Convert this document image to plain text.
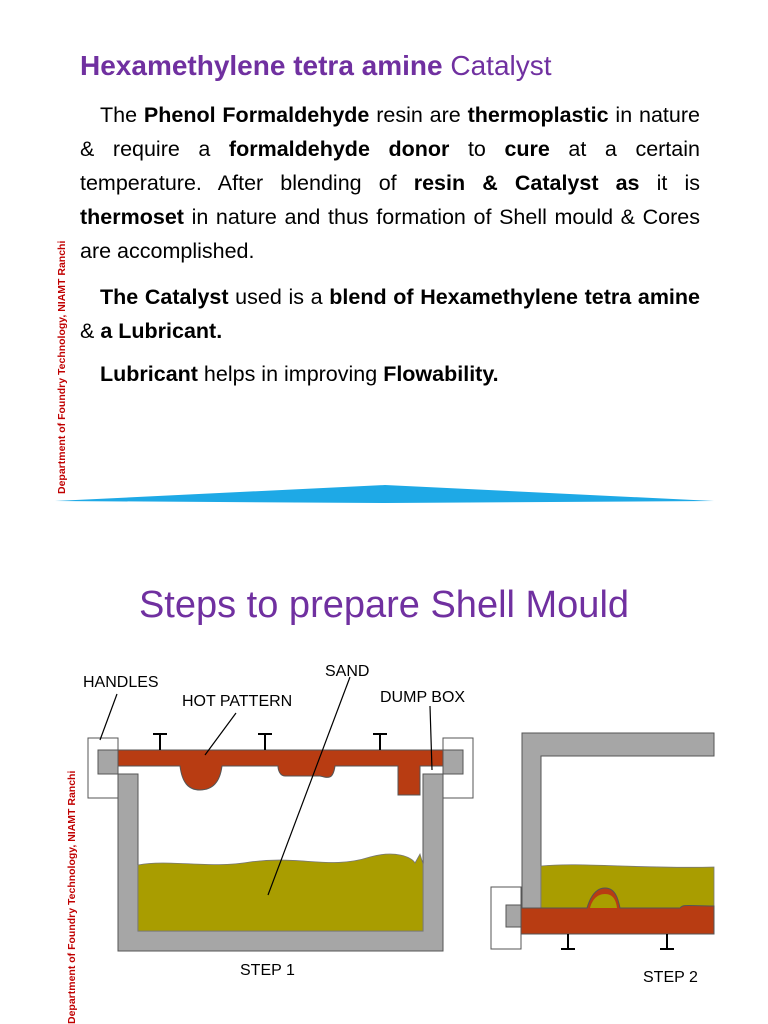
Department of Foundry Technology, NIAMT Ranchi
Hexamethylene tetra amine Catalyst

The Phenol Formaldehyde resin are thermoplastic in nature & require a formaldehyde donor to cure at a certain temperature. After blending of resin & Catalyst as it is thermoset in nature and thus formation of Shell mould & Cores are accomplished.

The Catalyst used is a blend of Hexamethylene tetra amine & a Lubricant.

Lubricant helps in improving Flowability.

Department of Foundry Technology, NIAMT Ranchi
Steps to prepare Shell Mould
HANDLES
HOT PATTERN
SAND
DUMP BOX
STEP 1	STEP 2
